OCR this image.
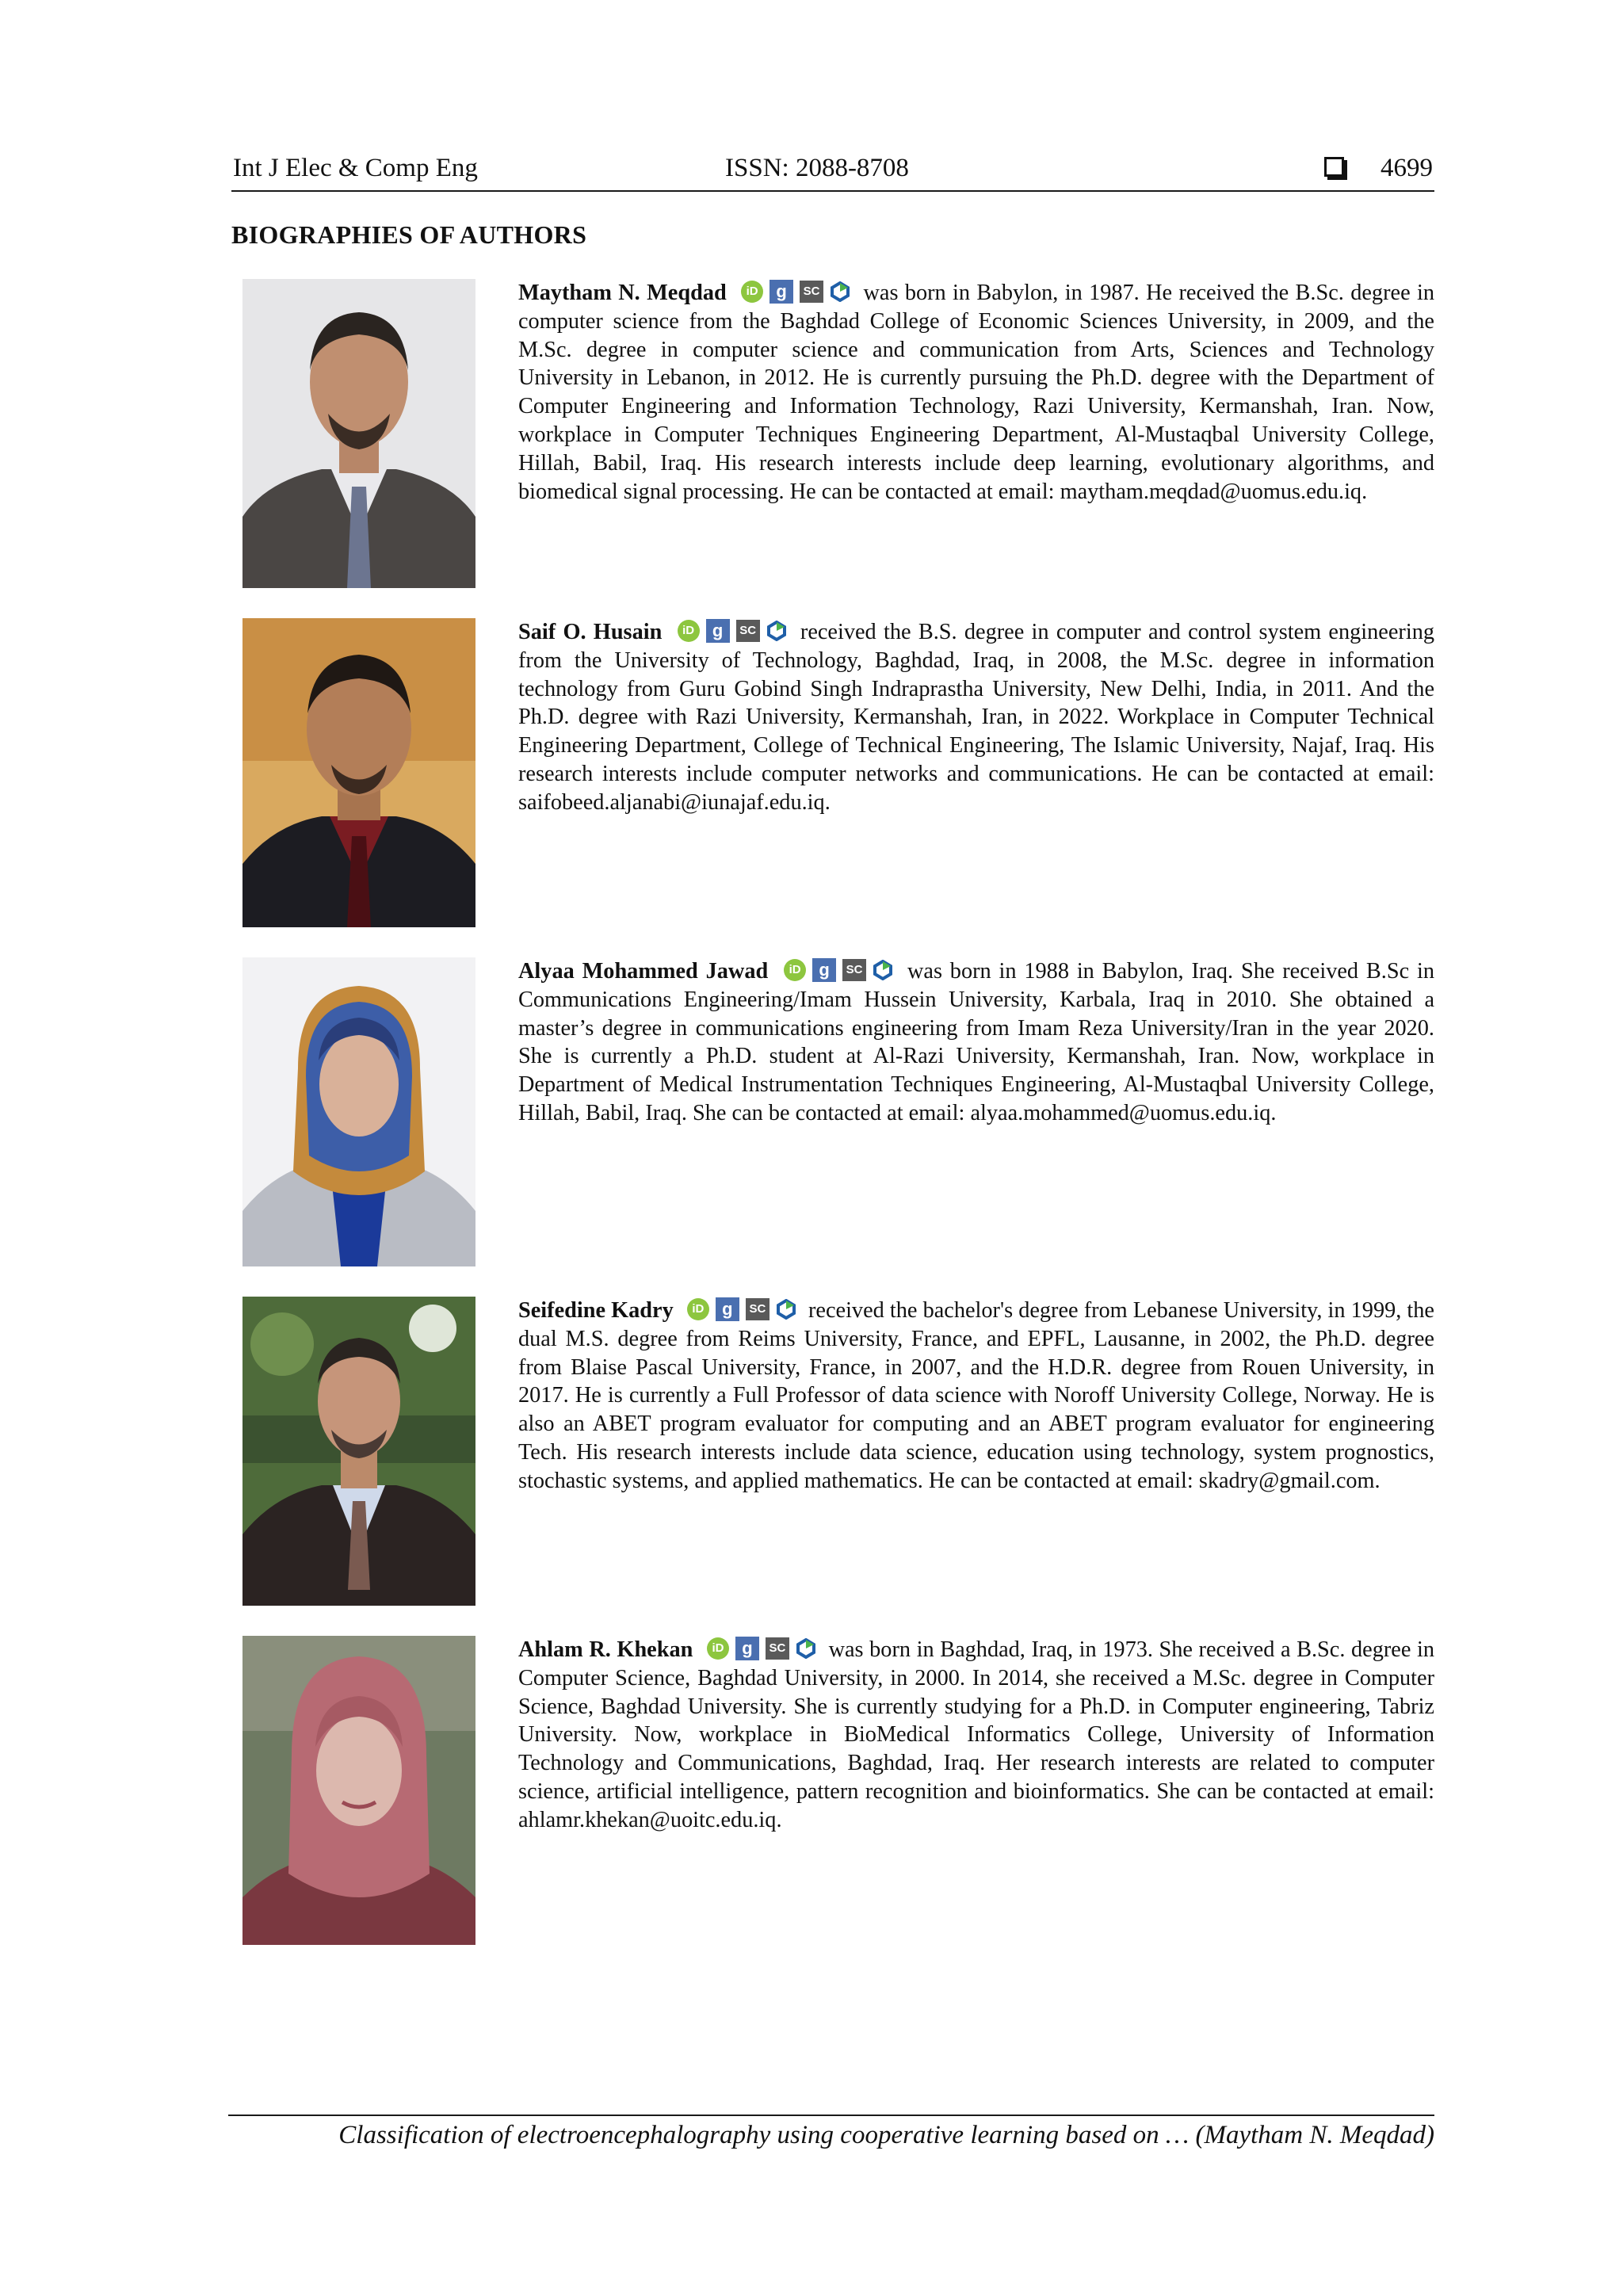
Int J Elec & Comp Eng	ISSN: 2088-8708	4699
BIOGRAPHIES OF AUTHORS
Maytham N. Meqdad	iD	g	SC was born in Babylon, in 1987. He received the B.Sc. degree in computer science from the Baghdad College of Economic Sciences University, in 2009, and the M.Sc. degree in computer science and communication from Arts, Sciences and Technology University in Lebanon, in 2012. He is currently pursuing the Ph.D. degree with the Department of Computer Engineering and Information Technology, Razi University, Kermanshah, Iran. Now, workplace in Computer Techniques Engineering Department, Al-Mustaqbal University College, Hillah, Babil, Iraq. His research interests include deep learning, evolutionary algorithms, and biomedical signal processing. He can be contacted at email: maytham.meqdad@uomus.edu.iq.
Saif O. Husain	iD	g	SC received the B.S. degree in computer and control system engineering from the University of Technology, Baghdad, Iraq, in 2008, the M.Sc. degree in information technology from Guru Gobind Singh Indraprastha University, New Delhi, India, in 2011. And the Ph.D. degree with Razi University, Kermanshah, Iran, in 2022. Workplace in Computer Technical Engineering Department, College of Technical Engineering, The Islamic University, Najaf, Iraq. His research interests include computer networks and communications. He can be contacted at email: saifobeed.aljanabi@iunajaf.edu.iq.
Alyaa Mohammed Jawad	iD	g	SC was born in 1988 in Babylon, Iraq. She received B.Sc in Communications Engineering/Imam Hussein University, Karbala, Iraq in 2010. She obtained a master’s degree in communications engineering from Imam Reza University/Iran in the year 2020. She is currently a Ph.D. student at Al-Razi University, Kermanshah, Iran. Now, workplace in Department of Medical Instrumentation Techniques Engineering, Al-Mustaqbal University College, Hillah, Babil, Iraq. She can be contacted at email: alyaa.mohammed@uomus.edu.iq.
Seifedine Kadry	iD	g	SC received the bachelor's degree from Lebanese University, in 1999, the dual M.S. degree from Reims University, France, and EPFL, Lausanne, in 2002, the Ph.D. degree from Blaise Pascal University, France, in 2007, and the H.D.R. degree from Rouen University, in 2017. He is currently a Full Professor of data science with Noroff University College, Norway. He is also an ABET program evaluator for computing and an ABET program evaluator for engineering Tech. His research interests include data science, education using technology, system prognostics, stochastic systems, and applied mathematics. He can be contacted at email: skadry@gmail.com.
Ahlam R. Khekan	iD	g	SC was born in Baghdad, Iraq, in 1973. She received a B.Sc. degree in Computer Science, Baghdad University, in 2000. In 2014, she received a M.Sc. degree in Computer Science, Baghdad University. She is currently studying for a Ph.D. in Computer engineering, Tabriz University. Now, workplace in BioMedical Informatics College, University of Information Technology and Communications, Baghdad, Iraq. Her research interests are related to computer science, artificial intelligence, pattern recognition and bioinformatics. She can be contacted at email: ahlamr.khekan@uoitc.edu.iq.
Classification of electroencephalography using cooperative learning based on … (Maytham N. Meqdad)
